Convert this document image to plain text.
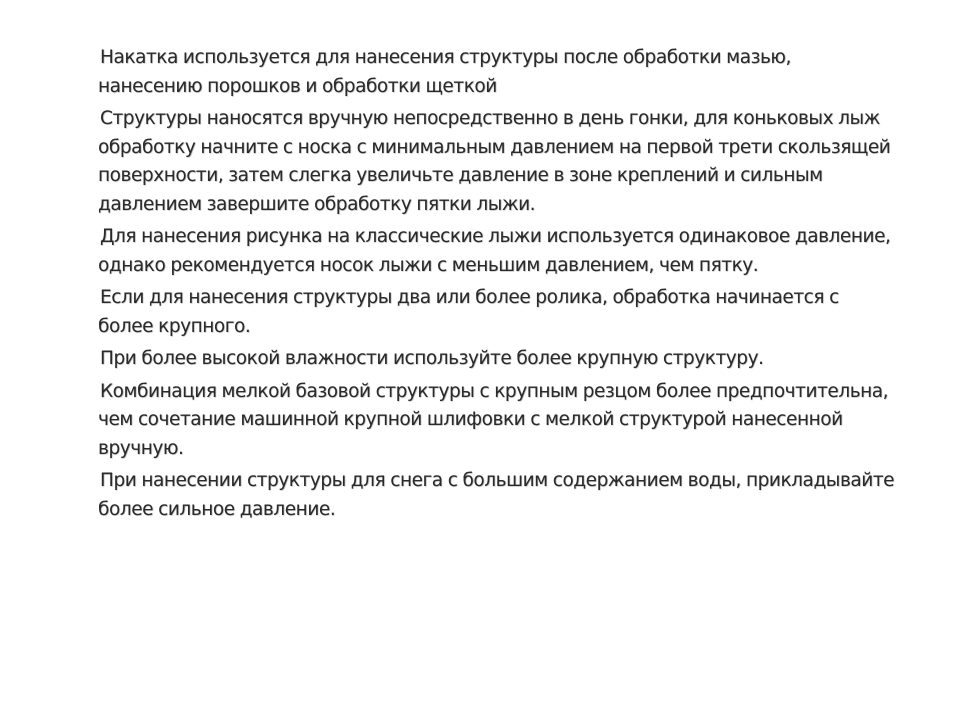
Накатка используется для нанесения структуры после обработки мазью, нанесению порошков и обработки щеткой

Структуры наносятся вручную непосредственно в день гонки, для коньковых лыж обработку начните с носка с минимальным давлением на первой трети скользящей поверхности, затем слегка увеличьте давление в зоне креплений и сильным давлением завершите обработку пятки лыжи.

Для нанесения рисунка на классические лыжи используется одинаковое давление, однако рекомендуется носок лыжи с меньшим давлением, чем пятку.

Если для нанесения структуры два или более ролика, обработка начинается с более крупного.

При более высокой влажности используйте более крупную структуру.

Комбинация мелкой базовой структуры с крупным резцом более предпочтительна, чем сочетание машинной крупной шлифовки с мелкой структурой нанесенной вручную.

При нанесении структуры для снега с большим содержанием воды, прикладывайте более сильное давление.
